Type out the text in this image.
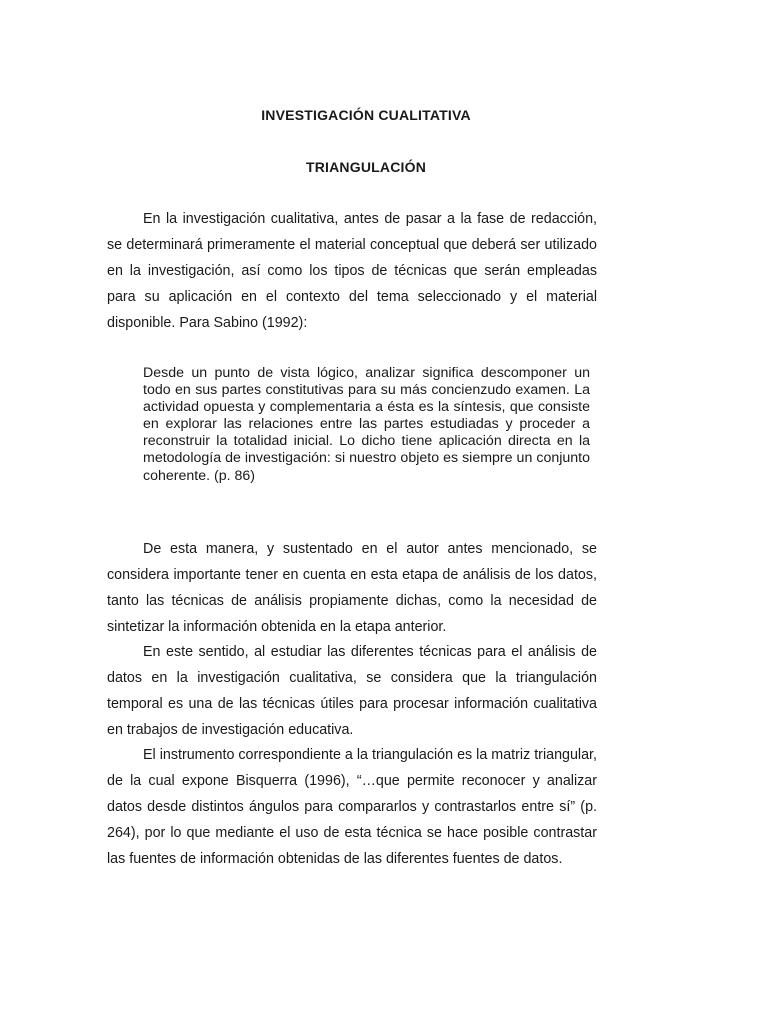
INVESTIGACIÓN CUALITATIVA
TRIANGULACIÓN

En la investigación cualitativa, antes de pasar a la fase de redacción, se determinará primeramente el material conceptual que deberá ser utilizado en la investigación, así como los tipos de técnicas que serán empleadas para su aplicación en el contexto del tema seleccionado y el material disponible. Para Sabino (1992):

Desde un punto de vista lógico, analizar significa descomponer un todo en sus partes constitutivas para su más concienzudo examen. La actividad opuesta y complementaria a ésta es la síntesis, que consiste en explorar las relaciones entre las partes estudiadas y proceder a reconstruir la totalidad inicial. Lo dicho tiene aplicación directa en la metodología de investigación: si nuestro objeto es siempre un conjunto coherente. (p. 86)

De esta manera, y sustentado en el autor antes mencionado, se considera importante tener en cuenta en esta etapa de análisis de los datos, tanto las técnicas de análisis propiamente dichas, como la necesidad de sintetizar la información obtenida en la etapa anterior.

En este sentido, al estudiar las diferentes técnicas para el análisis de datos en la investigación cualitativa, se considera que la triangulación temporal es una de las técnicas útiles para procesar información cualitativa en trabajos de investigación educativa.

El instrumento correspondiente a la triangulación es la matriz triangular, de la cual expone Bisquerra (1996), “…que permite reconocer y analizar datos desde distintos ángulos para compararlos y contrastarlos entre sí” (p. 264), por lo que mediante el uso de esta técnica se hace posible contrastar las fuentes de información obtenidas de las diferentes fuentes de datos.
